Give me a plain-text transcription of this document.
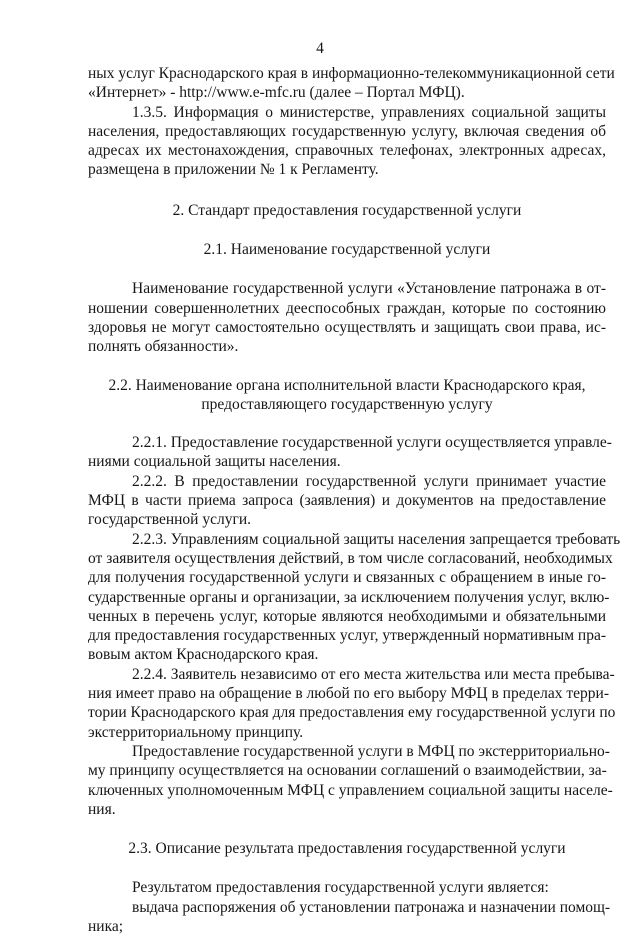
4
ных услуг Краснодарского края в информационно-телекоммуникационной сети
«Интернет» - http://www.e-mfc.ru (далее – Портал МФЦ).
1.3.5. Информация о министерстве, управлениях социальной защиты
населения, предоставляющих государственную услугу, включая сведения об
адресах их местонахождения, справочных телефонах, электронных адресах,
размещена в приложении № 1 к Регламенту.
2. Стандарт предоставления государственной услуги
2.1. Наименование государственной услуги
Наименование государственной услуги «Установление патронажа в от-
ношении совершеннолетних дееспособных граждан, которые по состоянию
здоровья не могут самостоятельно осуществлять и защищать свои права, ис-
полнять обязанности».
2.2. Наименование органа исполнительной власти Краснодарского края,
предоставляющего государственную услугу
2.2.1. Предоставление государственной услуги осуществляется управле-
ниями социальной защиты населения.
2.2.2. В предоставлении государственной услуги принимает участие
МФЦ в части приема запроса (заявления) и документов на предоставление
государственной услуги.
2.2.3. Управлениям социальной защиты населения запрещается требовать
от заявителя осуществления действий, в том числе согласований, необходимых
для получения государственной услуги и связанных с обращением в иные го-
сударственные органы и организации, за исключением получения услуг, вклю-
ченных в перечень услуг, которые являются необходимыми и обязательными
для предоставления государственных услуг, утвержденный нормативным пра-
вовым актом Краснодарского края.
2.2.4. Заявитель независимо от его места жительства или места пребыва-
ния имеет право на обращение в любой по его выбору МФЦ в пределах терри-
тории Краснодарского края для предоставления ему государственной услуги по
экстерриториальному принципу.
Предоставление государственной услуги в МФЦ по экстерриториально-
му принципу осуществляется на основании соглашений о взаимодействии, за-
ключенных уполномоченным МФЦ с управлением социальной защиты населе-
ния.
2.3. Описание результата предоставления государственной услуги
Результатом предоставления государственной услуги является:
выдача распоряжения об установлении патронажа и назначении помощ-
ника;
